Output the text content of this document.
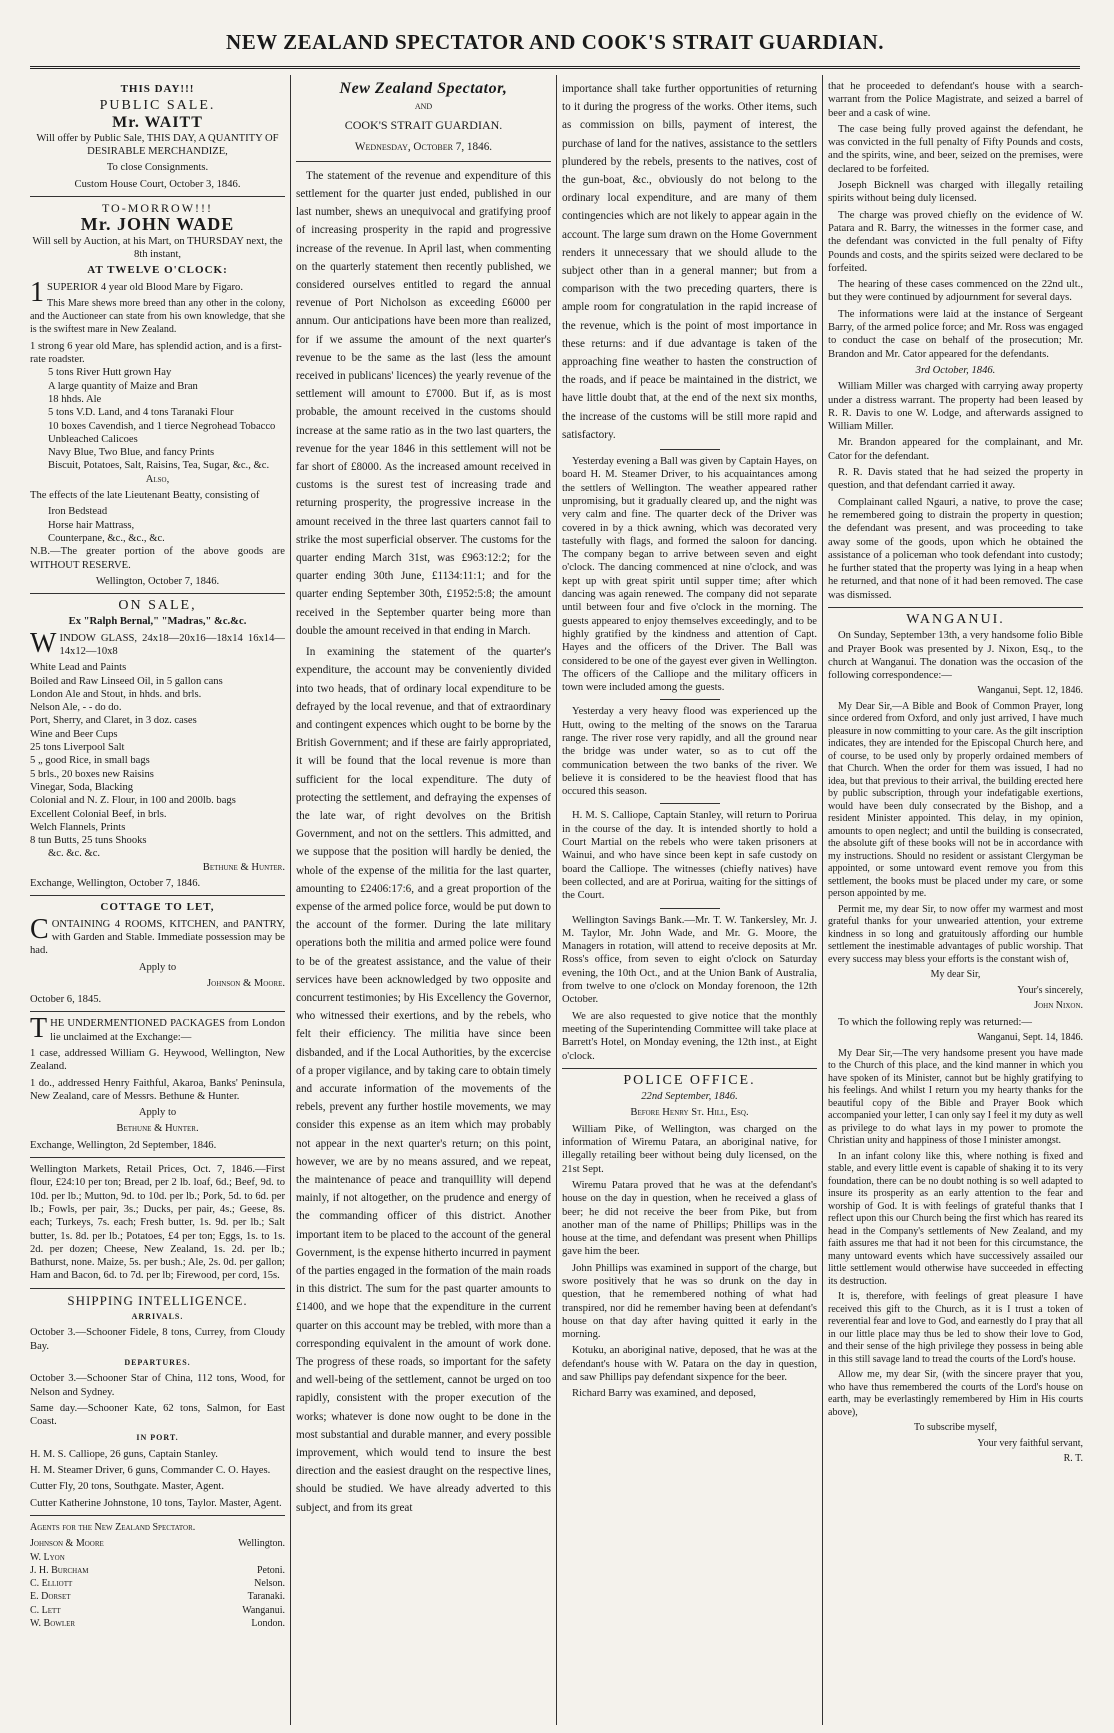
NEW ZEALAND SPECTATOR AND COOK'S STRAIT GUARDIAN.
THIS DAY!!!
PUBLIC SALE.
Mr. WAITT

Will offer by Public Sale, THIS DAY, A QUANTITY OF DESIRABLE MERCHANDIZE,

To close Consignments.

Custom House Court, October 3, 1846.

TO-MORROW!!!
Mr. JOHN WADE

Will sell by Auction, at his Mart, on THURSDAY next, the 8th instant,

AT TWELVE O'CLOCK:

1SUPERIOR 4 year old Blood Mare by Figaro.

This Mare shews more breed than any other in the colony, and the Auctioneer can state from his own knowledge, that she is the swiftest mare in New Zealand.

1 strong 6 year old Mare, has splendid action, and is a first-rate roadster.

5 tons River Hutt grown Hay

A large quantity of Maize and Bran

18 hhds. Ale

5 tons V.D. Land, and 4 tons Taranaki Flour

10 boxes Cavendish, and 1 tierce Negrohead Tobacco

Unbleached Calicoes

Navy Blue, Two Blue, and fancy Prints

Biscuit, Potatoes, Salt, Raisins, Tea, Sugar, &c., &c.

Also,

The effects of the late Lieutenant Beatty, consisting of

Iron Bedstead

Horse hair Mattrass,

Counterpane, &c., &c., &c.

N.B.—The greater portion of the above goods are WITHOUT RESERVE.

Wellington, October 7, 1846.

ON SALE,

Ex "Ralph Bernal," "Madras," &c.&c.

WINDOW GLASS, 24x18—20x16—18x14 16x14—14x12—10x8

White Lead and Paints

Boiled and Raw Linseed Oil, in 5 gallon cans

London Ale and Stout, in hhds. and brls.

Nelson Ale, - - do do.

Port, Sherry, and Claret, in 3 doz. cases

Wine and Beer Cups

25 tons Liverpool Salt

5 „ good Rice, in small bags

5 brls., 20 boxes new Raisins

Vinegar, Soda, Blacking

Colonial and N. Z. Flour, in 100 and 200lb. bags

Excellent Colonial Beef, in brls.

Welch Flannels, Prints

8 tun Butts, 25 tuns Shooks

&c. &c. &c.

Bethune & Hunter.

Exchange, Wellington, October 7, 1846.

COTTAGE TO LET,

CONTAINING 4 ROOMS, KITCHEN, and PANTRY, with Garden and Stable. Immediate possession may be had.

Apply to

Johnson & Moore.

October 6, 1845.

THE UNDERMENTIONED PACKAGES from London lie unclaimed at the Exchange:—

1 case, addressed William G. Heywood, Wellington, New Zealand.

1 do., addressed Henry Faithful, Akaroa, Banks' Peninsula, New Zealand, care of Messrs. Bethune & Hunter.

Apply to

Bethune & Hunter.

Exchange, Wellington, 2d September, 1846.

Wellington Markets, Retail Prices, Oct. 7, 1846.—First flour, £24:10 per ton; Bread, per 2 lb. loaf, 6d.; Beef, 9d. to 10d. per lb.; Mutton, 9d. to 10d. per lb.; Pork, 5d. to 6d. per lb.; Fowls, per pair, 3s.; Ducks, per pair, 4s.; Geese, 8s. each; Turkeys, 7s. each; Fresh butter, 1s. 9d. per lb.; Salt butter, 1s. 8d. per lb.; Potatoes, £4 per ton; Eggs, 1s. to 1s. 2d. per dozen; Cheese, New Zealand, 1s. 2d. per lb.; Bathurst, none. Maize, 5s. per bush.; Ale, 2s. 0d. per gallon; Ham and Bacon, 6d. to 7d. per lb; Firewood, per cord, 15s.

SHIPPING INTELLIGENCE.
ARRIVALS.

October 3.—Schooner Fidele, 8 tons, Currey, from Cloudy Bay.

DEPARTURES.

October 3.—Schooner Star of China, 112 tons, Wood, for Nelson and Sydney.

Same day.—Schooner Kate, 62 tons, Salmon, for East Coast.

IN PORT.

H. M. S. Calliope, 26 guns, Captain Stanley.

H. M. Steamer Driver, 6 guns, Commander C. O. Hayes.

Cutter Fly, 20 tons, Southgate. Master, Agent.

Cutter Katherine Johnstone, 10 tons, Taylor. Master, Agent.

Agents for the New Zealand Spectator.

Johnson & Moore	Wellington.
W. Lyon
J. H. Burcham	Petoni.
C. Elliott	Nelson.
E. Dorset	Taranaki.
C. Lett	Wanganui.
W. Bowler	London.
New Zealand Spectator,

AND

COOK'S STRAIT GUARDIAN.

Wednesday, October 7, 1846.

The statement of the revenue and expenditure of this settlement for the quarter just ended, published in our last number, shews an unequivocal and gratifying proof of increasing prosperity in the rapid and progressive increase of the revenue. In April last, when commenting on the quarterly statement then recently published, we considered ourselves entitled to regard the annual revenue of Port Nicholson as exceeding £6000 per annum. Our anticipations have been more than realized, for if we assume the amount of the next quarter's revenue to be the same as the last (less the amount received in publicans' licences) the yearly revenue of the settlement will amount to £7000. But if, as is most probable, the amount received in the customs should increase at the same ratio as in the two last quarters, the revenue for the year 1846 in this settlement will not be far short of £8000. As the increased amount received in customs is the surest test of increasing trade and returning prosperity, the progressive increase in the amount received in the three last quarters cannot fail to strike the most superficial observer. The customs for the quarter ending March 31st, was £963:12:2; for the quarter ending 30th June, £1134:11:1; and for the quarter ending September 30th, £1952:5:8; the amount received in the September quarter being more than double the amount received in that ending in March.

In examining the statement of the quarter's expenditure, the account may be conveniently divided into two heads, that of ordinary local expenditure to be defrayed by the local revenue, and that of extraordinary and contingent expences which ought to be borne by the British Government; and if these are fairly appropriated, it will be found that the local revenue is more than sufficient for the local expenditure. The duty of protecting the settlement, and defraying the expenses of the late war, of right devolves on the British Government, and not on the settlers. This admitted, and we suppose that the position will hardly be denied, the whole of the expense of the militia for the last quarter, amounting to £2406:17:6, and a great proportion of the expense of the armed police force, would be put down to the account of the former. During the late military operations both the militia and armed police were found to be of the greatest assistance, and the value of their services have been acknowledged by two opposite and concurrent testimonies; by His Excellency the Governor, who witnessed their exertions, and by the rebels, who felt their efficiency. The militia have since been disbanded, and if the Local Authorities, by the excercise of a proper vigilance, and by taking care to obtain timely and accurate information of the movements of the rebels, prevent any further hostile movements, we may consider this expense as an item which may probably not appear in the next quarter's return; on this point, however, we are by no means assured, and we repeat, the maintenance of peace and tranquillity will depend mainly, if not altogether, on the prudence and energy of the commanding officer of this district. Another important item to be placed to the account of the general Government, is the expense hitherto incurred in payment of the parties engaged in the formation of the main roads in this district. The sum for the past quarter amounts to £1400, and we hope that the expenditure in the current quarter on this account may be trebled, with more than a corresponding equivalent in the amount of work done. The progress of these roads, so important for the safety and well-being of the settlement, cannot be urged on too rapidly, consistent with the proper execution of the works; whatever is done now ought to be done in the most substantial and durable manner, and every possible improvement, which would tend to insure the best direction and the easiest draught on the respective lines, should be studied. We have already adverted to this subject, and from its great

importance shall take further opportunities of returning to it during the progress of the works. Other items, such as commission on bills, payment of interest, the purchase of land for the natives, assistance to the settlers plundered by the rebels, presents to the natives, cost of the gun-boat, &c., obviously do not belong to the ordinary local expenditure, and are many of them contingencies which are not likely to appear again in the account. The large sum drawn on the Home Government renders it unnecessary that we should allude to the subject other than in a general manner; but from a comparison with the two preceding quarters, there is ample room for congratulation in the rapid increase of the revenue, which is the point of most importance in these returns: and if due advantage is taken of the approaching fine weather to hasten the construction of the roads, and if peace be maintained in the district, we have little doubt that, at the end of the next six months, the increase of the customs will be still more rapid and satisfactory.

Yesterday evening a Ball was given by Captain Hayes, on board H. M. Steamer Driver, to his acquaintances among the settlers of Wellington. The weather appeared rather unpromising, but it gradually cleared up, and the night was very calm and fine. The quarter deck of the Driver was covered in by a thick awning, which was decorated very tastefully with flags, and formed the saloon for dancing. The company began to arrive between seven and eight o'clock. The dancing commenced at nine o'clock, and was kept up with great spirit until supper time; after which dancing was again renewed. The company did not separate until between four and five o'clock in the morning. The guests appeared to enjoy themselves exceedingly, and to be highly gratified by the kindness and attention of Capt. Hayes and the officers of the Driver. The Ball was considered to be one of the gayest ever given in Wellington. The officers of the Calliope and the military officers in town were included among the guests.

Yesterday a very heavy flood was experienced up the Hutt, owing to the melting of the snows on the Tararua range. The river rose very rapidly, and all the ground near the bridge was under water, so as to cut off the communication between the two banks of the river. We believe it is considered to be the heaviest flood that has occured this season.

H. M. S. Calliope, Captain Stanley, will return to Porirua in the course of the day. It is intended shortly to hold a Court Martial on the rebels who were taken prisoners at Wainui, and who have since been kept in safe custody on board the Calliope. The witnesses (chiefly natives) have been collected, and are at Porirua, waiting for the sittings of the Court.

Wellington Savings Bank.—Mr. T. W. Tankersley, Mr. J. M. Taylor, Mr. John Wade, and Mr. G. Moore, the Managers in rotation, will attend to receive deposits at Mr. Ross's office, from seven to eight o'clock on Saturday evening, the 10th Oct., and at the Union Bank of Australia, from twelve to one o'clock on Monday forenoon, the 12th October.

We are also requested to give notice that the monthly meeting of the Superintending Committee will take place at Barrett's Hotel, on Monday evening, the 12th inst., at Eight o'clock.

POLICE OFFICE.

22nd September, 1846.

Before Henry St. Hill, Esq.

William Pike, of Wellington, was charged on the information of Wiremu Patara, an aboriginal native, for illegally retailing beer without being duly licensed, on the 21st Sept.

Wiremu Patara proved that he was at the defendant's house on the day in question, when he received a glass of beer; he did not receive the beer from Pike, but from another man of the name of Phillips; Phillips was in the house at the time, and defendant was present when Phillips gave him the beer.

John Phillips was examined in support of the charge, but swore positively that he was so drunk on the day in question, that he remembered nothing of what had transpired, nor did he remember having been at defendant's house on that day after having quitted it early in the morning.

Kotuku, an aboriginal native, deposed, that he was at the defendant's house with W. Patara on the day in question, and saw Phillips pay defendant sixpence for the beer.

Richard Barry was examined, and deposed,

that he proceeded to defendant's house with a search-warrant from the Police Magistrate, and seized a barrel of beer and a cask of wine.

The case being fully proved against the defendant, he was convicted in the full penalty of Fifty Pounds and costs, and the spirits, wine, and beer, seized on the premises, were declared to be forfeited.

Joseph Bicknell was charged with illegally retailing spirits without being duly licensed.

The charge was proved chiefly on the evidence of W. Patara and R. Barry, the witnesses in the former case, and the defendant was convicted in the full penalty of Fifty Pounds and costs, and the spirits seized were declared to be forfeited.

The hearing of these cases commenced on the 22nd ult., but they were continued by adjournment for several days.

The informations were laid at the instance of Sergeant Barry, of the armed police force; and Mr. Ross was engaged to conduct the case on behalf of the prosecution; Mr. Brandon and Mr. Cator appeared for the defendants.

3rd October, 1846.

William Miller was charged with carrying away property under a distress warrant. The property had been leased by R. R. Davis to one W. Lodge, and afterwards assigned to William Miller.

Mr. Brandon appeared for the complainant, and Mr. Cator for the defendant.

R. R. Davis stated that he had seized the property in question, and that defendant carried it away.

Complainant called Ngauri, a native, to prove the case; he remembered going to distrain the property in question; the defendant was present, and was proceeding to take away some of the goods, upon which he obtained the assistance of a policeman who took defendant into custody; he further stated that the property was lying in a heap when he returned, and that none of it had been removed. The case was dismissed.

WANGANUI.

On Sunday, September 13th, a very handsome folio Bible and Prayer Book was presented by J. Nixon, Esq., to the church at Wanganui. The donation was the occasion of the following correspondence:—

Wanganui, Sept. 12, 1846.

My Dear Sir,—A Bible and Book of Common Prayer, long since ordered from Oxford, and only just arrived, I have much pleasure in now committing to your care. As the gilt inscription indicates, they are intended for the Episcopal Church here, and of course, to be used only by properly ordained members of that Church. When the order for them was issued, I had no idea, but that previous to their arrival, the building erected here by public subscription, through your indefatigable exertions, would have been duly consecrated by the Bishop, and a resident Minister appointed. This delay, in my opinion, amounts to open neglect; and until the building is consecrated, the absolute gift of these books will not be in accordance with my instructions. Should no resident or assistant Clergyman be appointed, or some untoward event remove you from this settlement, the books must be placed under my care, or some person appointed by me.

Permit me, my dear Sir, to now offer my warmest and most grateful thanks for your unwearied attention, your extreme kindness in so long and gratuitously affording our humble settlement the inestimable advantages of public worship. That every success may bless your efforts is the constant wish of,

My dear Sir,

Your's sincerely,

John Nixon.

To which the following reply was returned:—

Wanganui, Sept. 14, 1846.

My Dear Sir,—The very handsome present you have made to the Church of this place, and the kind manner in which you have spoken of its Minister, cannot but be highly gratifying to his feelings. And whilst I return you my hearty thanks for the beautiful copy of the Bible and Prayer Book which accompanied your letter, I can only say I feel it my duty as well as privilege to do what lays in my power to promote the Christian unity and happiness of those I minister amongst.

In an infant colony like this, where nothing is fixed and stable, and every little event is capable of shaking it to its very foundation, there can be no doubt nothing is so well adapted to insure its prosperity as an early attention to the fear and worship of God. It is with feelings of grateful thanks that I reflect upon this our Church being the first which has reared its head in the Company's settlements of New Zealand, and my faith assures me that had it not been for this circumstance, the many untoward events which have successively assailed our little settlement would otherwise have succeeded in effecting its destruction.

It is, therefore, with feelings of great pleasure I have received this gift to the Church, as it is I trust a token of reverential fear and love to God, and earnestly do I pray that all in our little place may thus be led to show their love to God, and their sense of the high privilege they possess in being able in this still savage land to tread the courts of the Lord's house.

Allow me, my dear Sir, (with the sincere prayer that you, who have thus remembered the courts of the Lord's house on earth, may be everlastingly remembered by Him in His courts above),

To subscribe myself,

Your very faithful servant,

R. T.
